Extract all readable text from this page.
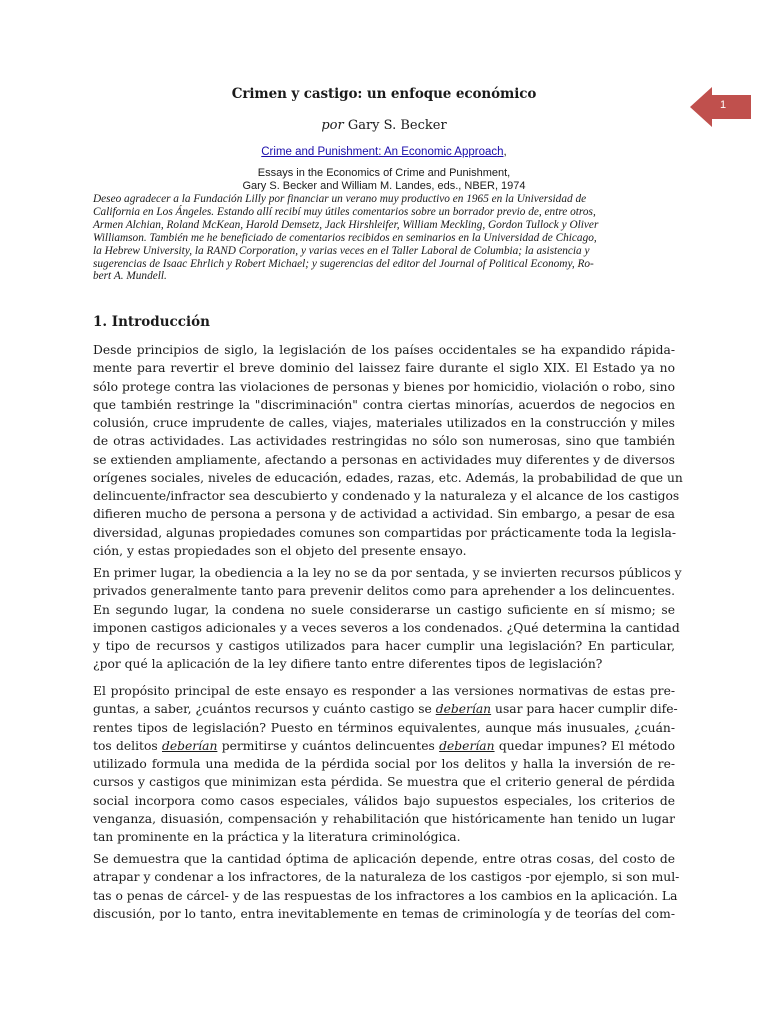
1
Crimen y castigo: un enfoque económico
por Gary S. Becker
Crime and Punishment: An Economic Approach,
Essays in the Economics of Crime and Punishment,
Gary S. Becker and William M. Landes, eds., NBER, 1974
Deseo agradecer a la Fundación Lilly por financiar un verano muy productivo en 1965 en la Universidad de
California en Los Ángeles. Estando allí recibí muy útiles comentarios sobre un borrador previo de, entre otros,
Armen Alchian, Roland McKean, Harold Demsetz, Jack Hirshleifer, William Meckling, Gordon Tullock y Oliver
Williamson. También me he beneficiado de comentarios recibidos en seminarios en la Universidad de Chicago,
la Hebrew University, la RAND Corporation, y varias veces en el Taller Laboral de Columbia; la asistencia y
sugerencias de Isaac Ehrlich y Robert Michael; y sugerencias del editor del Journal of Political Economy, Ro-
bert A. Mundell.
1. Introducción
Desde principios de siglo, la legislación de los países occidentales se ha expandido rápida-
mente para revertir el breve dominio del laissez faire durante el siglo XIX. El Estado ya no
sólo protege contra las violaciones de personas y bienes por homicidio, violación o robo, sino
que también restringe la "discriminación" contra ciertas minorías, acuerdos de negocios en
colusión, cruce imprudente de calles, viajes, materiales utilizados en la construcción y miles
de otras actividades. Las actividades restringidas no sólo son numerosas, sino que también
se extienden ampliamente, afectando a personas en actividades muy diferentes y de diversos
orígenes sociales, niveles de educación, edades, razas, etc. Además, la probabilidad de que un
delincuente/infractor sea descubierto y condenado y la naturaleza y el alcance de los castigos
difieren mucho de persona a persona y de actividad a actividad. Sin embargo, a pesar de esa
diversidad, algunas propiedades comunes son compartidas por prácticamente toda la legisla-
ción, y estas propiedades son el objeto del presente ensayo.
En primer lugar, la obediencia a la ley no se da por sentada, y se invierten recursos públicos y
privados generalmente tanto para prevenir delitos como para aprehender a los delincuentes.
En segundo lugar, la condena no suele considerarse un castigo suficiente en sí mismo; se
imponen castigos adicionales y a veces severos a los condenados. ¿Qué determina la cantidad
y tipo de recursos y castigos utilizados para hacer cumplir una legislación? En particular,
¿por qué la aplicación de la ley difiere tanto entre diferentes tipos de legislación?
El propósito principal de este ensayo es responder a las versiones normativas de estas pre-
guntas, a saber, ¿cuántos recursos y cuánto castigo se deberían usar para hacer cumplir dife-
rentes tipos de legislación? Puesto en términos equivalentes, aunque más inusuales, ¿cuán-
tos delitos deberían permitirse y cuántos delincuentes deberían quedar impunes? El método
utilizado formula una medida de la pérdida social por los delitos y halla la inversión de re-
cursos y castigos que minimizan esta pérdida. Se muestra que el criterio general de pérdida
social incorpora como casos especiales, válidos bajo supuestos especiales, los criterios de
venganza, disuasión, compensación y rehabilitación que históricamente han tenido un lugar
tan prominente en la práctica y la literatura criminológica.
Se demuestra que la cantidad óptima de aplicación depende, entre otras cosas, del costo de
atrapar y condenar a los infractores, de la naturaleza de los castigos -por ejemplo, si son mul-
tas o penas de cárcel- y de las respuestas de los infractores a los cambios en la aplicación. La
discusión, por lo tanto, entra inevitablemente en temas de criminología y de teorías del com-
